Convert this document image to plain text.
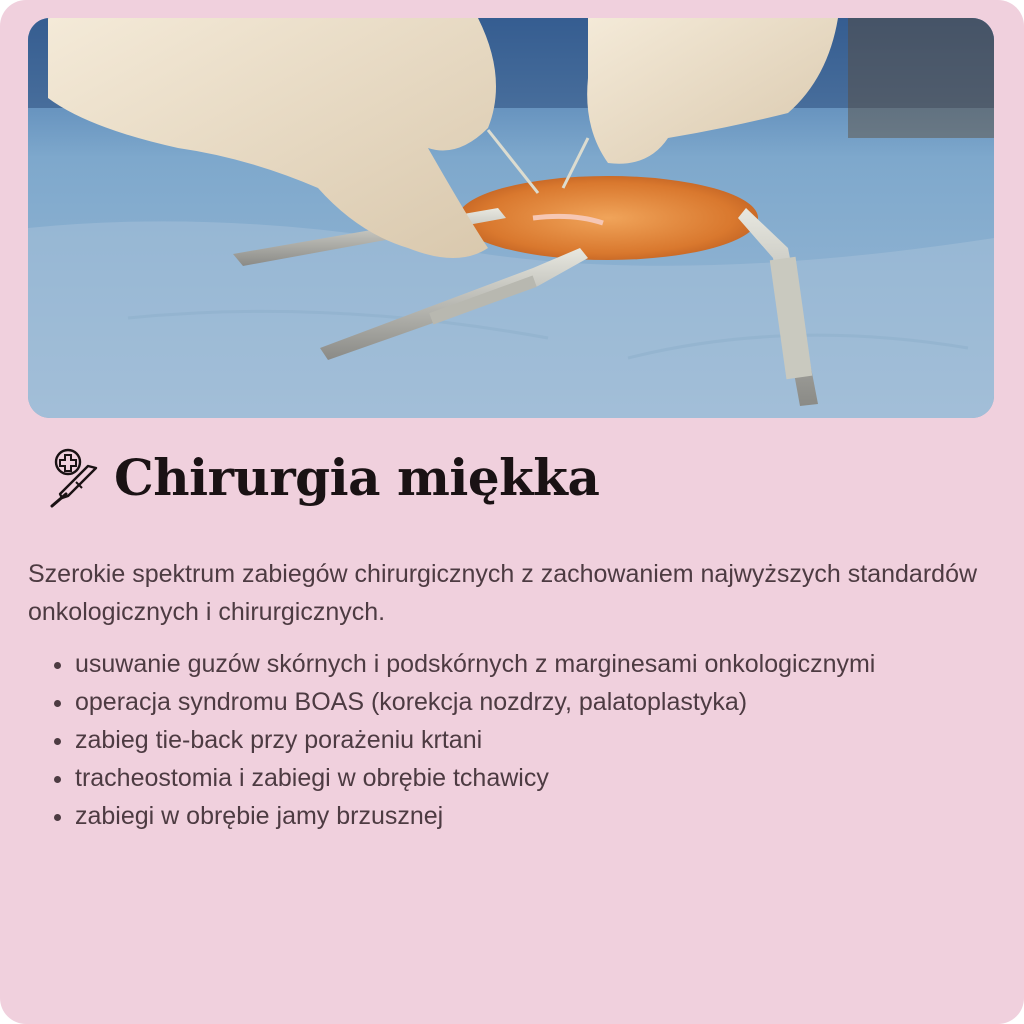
Chirurgia miękka

Szerokie spektrum zabiegów chirurgicznych z zachowaniem najwyższych standardów onkologicznych i chirurgicznych.

• usuwanie guzów skórnych i podskórnych z marginesami onkologicznymi
• operacja syndromu BOAS (korekcja nozdrzy, palatoplastyka)
• zabieg tie-back przy porażeniu krtani
• tracheostomia i zabiegi w obrębie tchawicy
• zabiegi w obrębie jamy brzusznej
